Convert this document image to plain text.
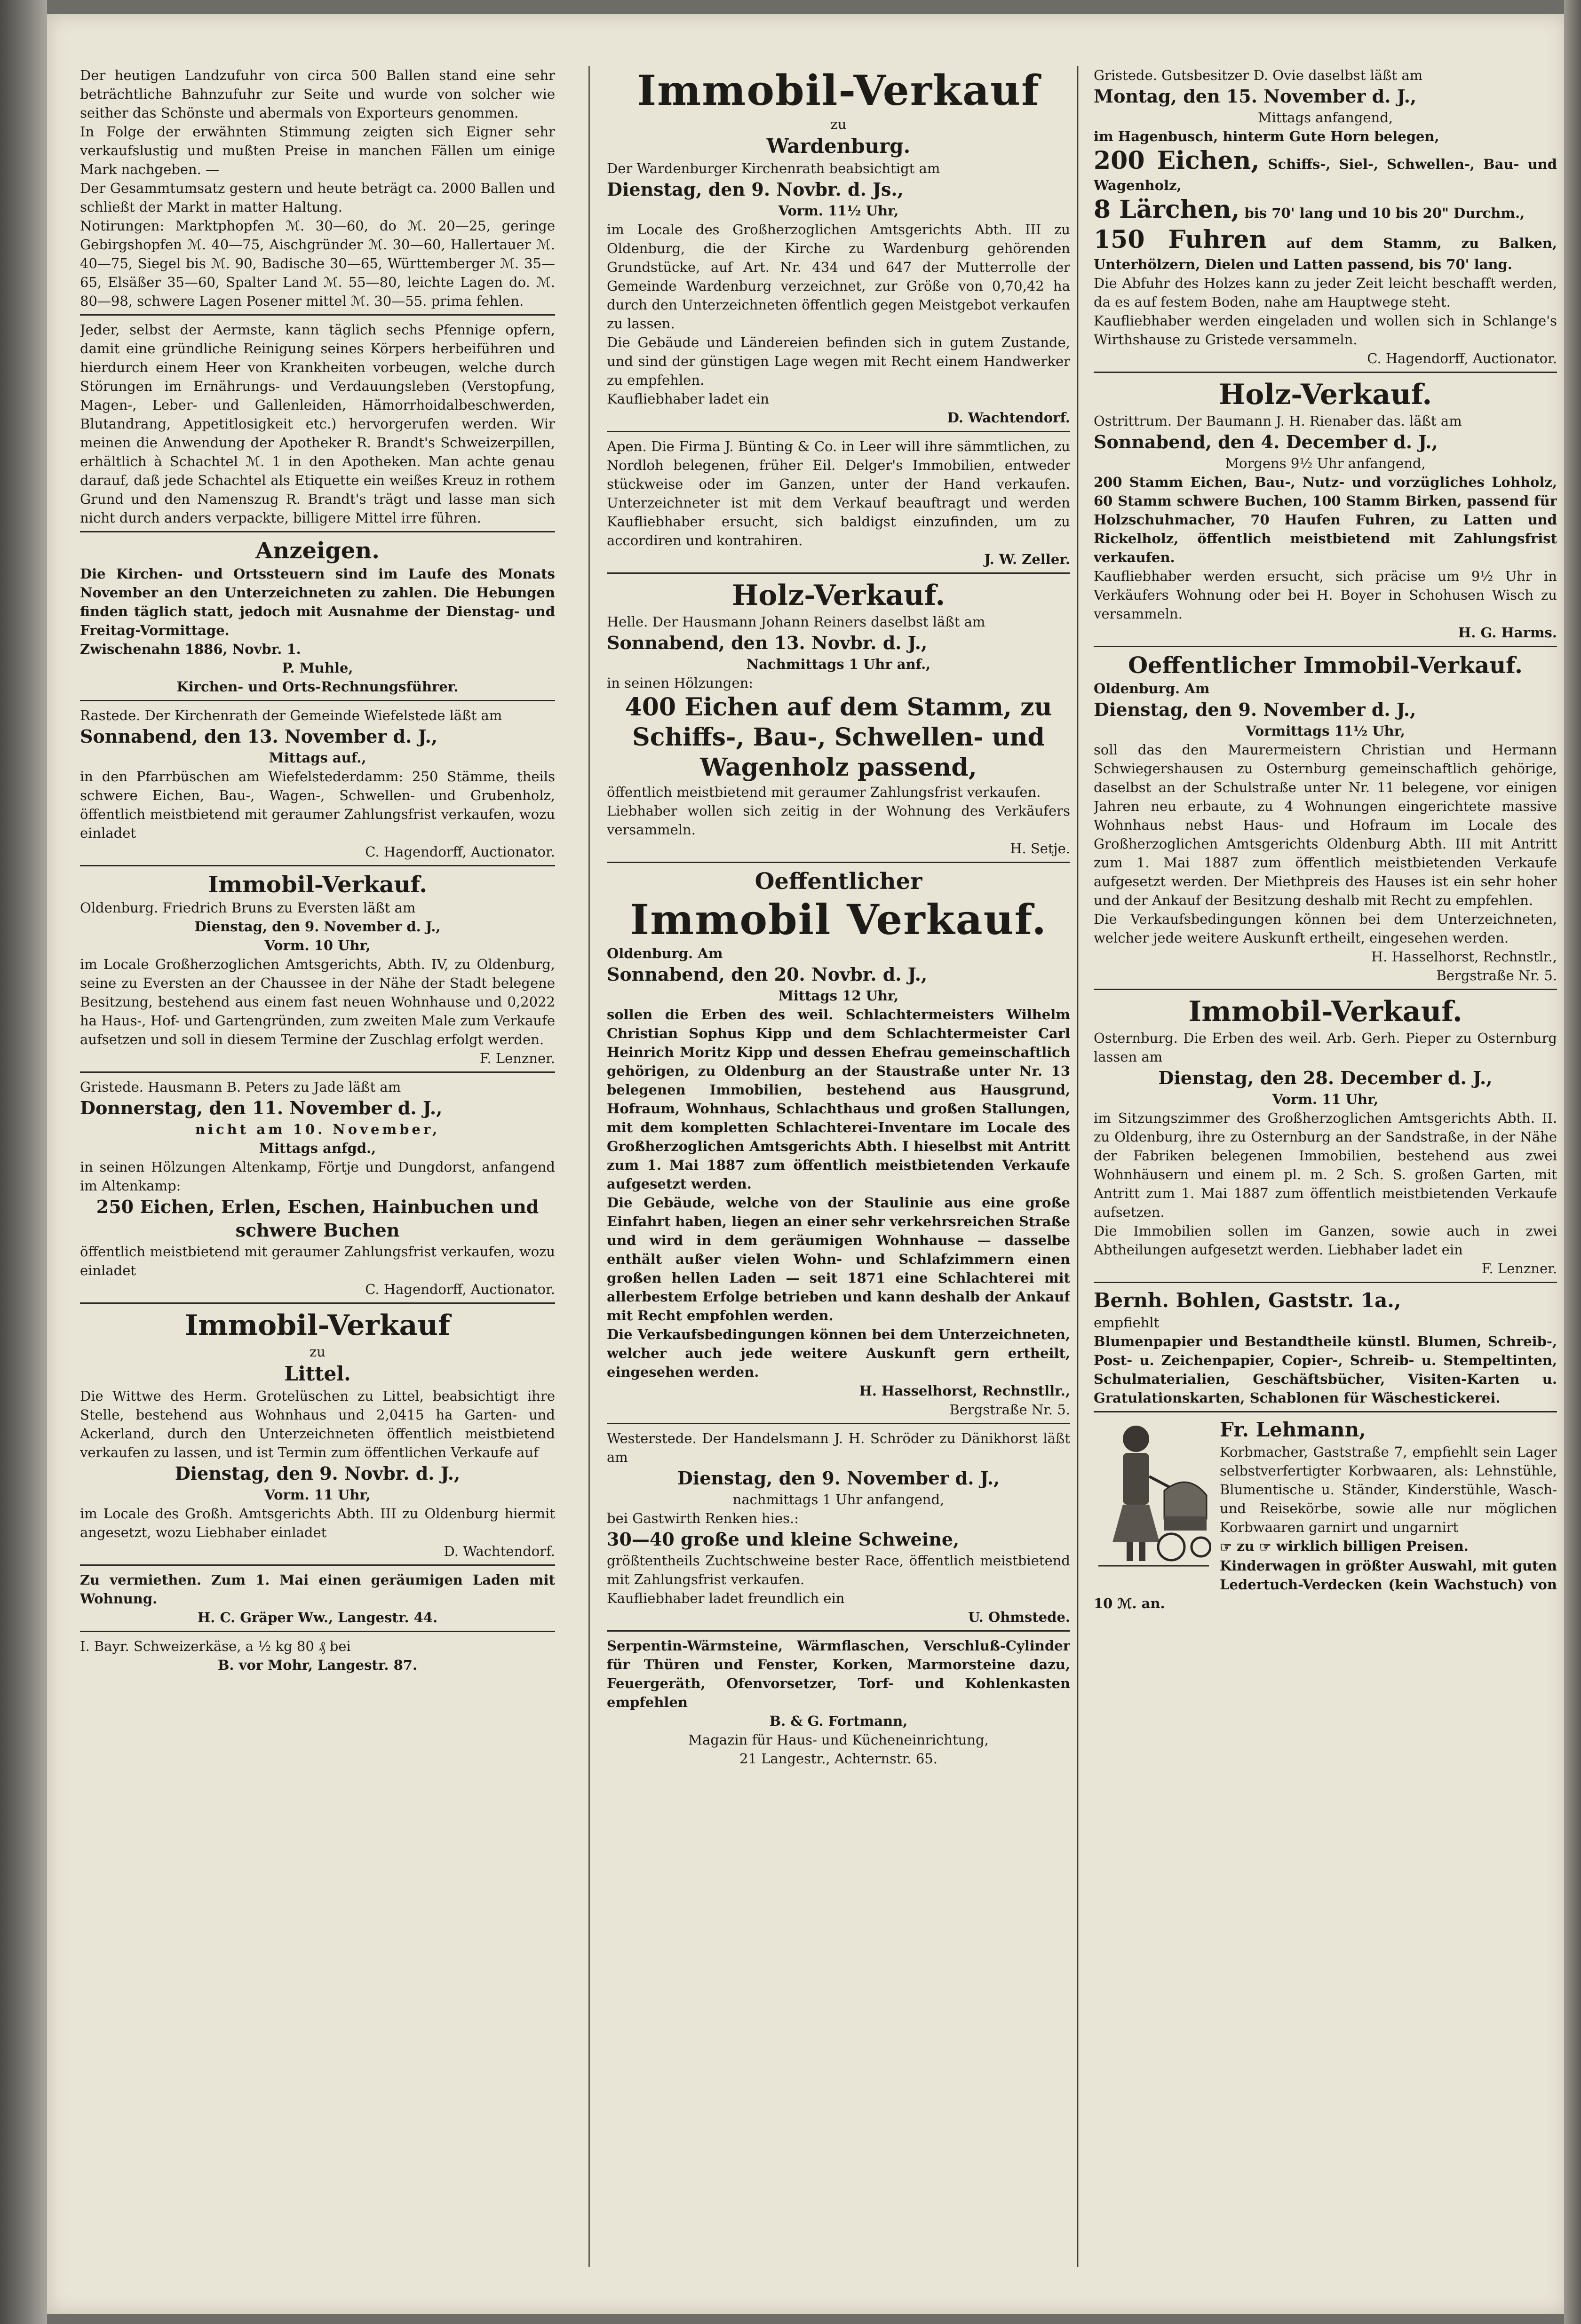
Der heutigen Landzufuhr von circa 500 Ballen stand eine sehr beträchtliche Bahnzufuhr zur Seite und wurde von solcher wie seither das Schönste und abermals von Exporteurs genommen.

In Folge der erwähnten Stimmung zeigten sich Eigner sehr verkaufslustig und mußten Preise in manchen Fällen um einige Mark nachgeben. —

Der Gesammtumsatz gestern und heute beträgt ca. 2000 Ballen und schließt der Markt in matter Haltung.

Notirungen: Marktphopfen ℳ. 30—60, do ℳ. 20—25, geringe Gebirgshopfen ℳ. 40—75, Aischgründer ℳ. 30—60, Hallertauer ℳ. 40—75, Siegel bis ℳ. 90, Badische 30—65, Württemberger ℳ. 35—65, Elsäßer 35—60, Spalter Land ℳ. 55—80, leichte Lagen do. ℳ. 80—98, schwere Lagen Posener mittel ℳ. 30—55. prima fehlen.

Jeder, selbst der Aermste, kann täglich sechs Pfennige opfern, damit eine gründliche Reinigung seines Körpers herbeiführen und hierdurch einem Heer von Krankheiten vorbeugen, welche durch Störungen im Ernährungs- und Verdauungsleben (Verstopfung, Magen-, Leber- und Gallenleiden, Hämorrhoidalbeschwerden, Blutandrang, Appetitlosigkeit etc.) hervorgerufen werden. Wir meinen die Anwendung der Apotheker R. Brandt's Schweizerpillen, erhältlich à Schachtel ℳ. 1 in den Apotheken. Man achte genau darauf, daß jede Schachtel als Etiquette ein weißes Kreuz in rothem Grund und den Namenszug R. Brandt's trägt und lasse man sich nicht durch anders verpackte, billigere Mittel irre führen.

Anzeigen.

Die Kirchen- und Ortssteuern sind im Laufe des Monats November an den Unterzeichneten zu zahlen. Die Hebungen finden täglich statt, jedoch mit Ausnahme der Dienstag- und Freitag-Vormittage.

Zwischenahn 1886, Novbr. 1.

P. Muhle,

Kirchen- und Orts-Rechnungsführer.

Rastede. Der Kirchenrath der Gemeinde Wiefelstede läßt am

Sonnabend, den 13. November d. J.,

Mittags auf.,

in den Pfarrbüschen am Wiefelstederdamm: 250 Stämme, theils schwere Eichen, Bau-, Wagen-, Schwellen- und Grubenholz, öffentlich meistbietend mit geraumer Zahlungsfrist verkaufen, wozu einladet

C. Hagendorff, Auctionator.

Immobil-Verkauf.

Oldenburg. Friedrich Bruns zu Eversten läßt am

Dienstag, den 9. November d. J.,

Vorm. 10 Uhr,

im Locale Großherzoglichen Amtsgerichts, Abth. IV, zu Oldenburg, seine zu Eversten an der Chaussee in der Nähe der Stadt belegene Besitzung, bestehend aus einem fast neuen Wohnhause und 0,2022 ha Haus-, Hof- und Gartengründen, zum zweiten Male zum Verkaufe aufsetzen und soll in diesem Termine der Zuschlag erfolgt werden.

F. Lenzner.

Gristede. Hausmann B. Peters zu Jade läßt am

Donnerstag, den 11. November d. J.,

nicht am 10. November,

Mittags anfgd.,

in seinen Hölzungen Altenkamp, Förtje und Dungdorst, anfangend im Altenkamp:

250 Eichen, Erlen, Eschen, Hainbuchen und schwere Buchen

öffentlich meistbietend mit geraumer Zahlungsfrist verkaufen, wozu einladet

C. Hagendorff, Auctionator.

Immobil-Verkauf

zu

Littel.

Die Wittwe des Herm. Grotelüschen zu Littel, beabsichtigt ihre Stelle, bestehend aus Wohnhaus und 2,0415 ha Garten- und Ackerland, durch den Unterzeichneten öffentlich meistbietend verkaufen zu lassen, und ist Termin zum öffentlichen Verkaufe auf

Dienstag, den 9. Novbr. d. J.,

Vorm. 11 Uhr,

im Locale des Großh. Amtsgerichts Abth. III zu Oldenburg hiermit angesetzt, wozu Liebhaber einladet

D. Wachtendorf.

Zu vermiethen. Zum 1. Mai einen geräumigen Laden mit Wohnung.

H. C. Gräper Ww., Langestr. 44.

I. Bayr. Schweizerkäse, a ½ kg 80 ₰ bei

B. vor Mohr, Langestr. 87.

Immobil-Verkauf

zu

Wardenburg.

Der Wardenburger Kirchenrath beabsichtigt am

Dienstag, den 9. Novbr. d. Js.,

Vorm. 11½ Uhr,

im Locale des Großherzoglichen Amtsgerichts Abth. III zu Oldenburg, die der Kirche zu Wardenburg gehörenden Grundstücke, auf Art. Nr. 434 und 647 der Mutterrolle der Gemeinde Wardenburg verzeichnet, zur Größe von 0,70,42 ha durch den Unterzeichneten öffentlich gegen Meistgebot verkaufen zu lassen.

Die Gebäude und Ländereien befinden sich in gutem Zustande, und sind der günstigen Lage wegen mit Recht einem Handwerker zu empfehlen.

Kaufliebhaber ladet ein

D. Wachtendorf.

Apen. Die Firma J. Bünting & Co. in Leer will ihre sämmtlichen, zu Nordloh belegenen, früher Eil. Delger's Immobilien, entweder stückweise oder im Ganzen, unter der Hand verkaufen. Unterzeichneter ist mit dem Verkauf beauftragt und werden Kaufliebhaber ersucht, sich baldigst einzufinden, um zu accordiren und kontrahiren.

J. W. Zeller.

Holz-Verkauf.

Helle. Der Hausmann Johann Reiners daselbst läßt am

Sonnabend, den 13. Novbr. d. J.,

Nachmittags 1 Uhr anf.,

in seinen Hölzungen:

400 Eichen auf dem Stamm, zu Schiffs-, Bau-, Schwellen- und Wagenholz passend,

öffentlich meistbietend mit geraumer Zahlungsfrist verkaufen.

Liebhaber wollen sich zeitig in der Wohnung des Verkäufers versammeln.

H. Setje.

Oeffentlicher
Immobil Verkauf.

Oldenburg. Am

Sonnabend, den 20. Novbr. d. J.,

Mittags 12 Uhr,

sollen die Erben des weil. Schlachtermeisters Wilhelm Christian Sophus Kipp und dem Schlachtermeister Carl Heinrich Moritz Kipp und dessen Ehefrau gemeinschaftlich gehörigen, zu Oldenburg an der Staustraße unter Nr. 13 belegenen Immobilien, bestehend aus Hausgrund, Hofraum, Wohnhaus, Schlachthaus und großen Stallungen, mit dem kompletten Schlachterei-Inventare im Locale des Großherzoglichen Amtsgerichts Abth. I hieselbst mit Antritt zum 1. Mai 1887 zum öffentlich meistbietenden Verkaufe aufgesetzt werden.

Die Gebäude, welche von der Staulinie aus eine große Einfahrt haben, liegen an einer sehr verkehrsreichen Straße und wird in dem geräumigen Wohnhause — dasselbe enthält außer vielen Wohn- und Schlafzimmern einen großen hellen Laden — seit 1871 eine Schlachterei mit allerbestem Erfolge betrieben und kann deshalb der Ankauf mit Recht empfohlen werden.

Die Verkaufsbedingungen können bei dem Unterzeichneten, welcher auch jede weitere Auskunft gern ertheilt, eingesehen werden.

H. Hasselhorst, Rechnstllr.,

Bergstraße Nr. 5.

Westerstede. Der Handelsmann J. H. Schröder zu Dänikhorst läßt am

Dienstag, den 9. November d. J.,

nachmittags 1 Uhr anfangend,

bei Gastwirth Renken hies.:

30—40 große und kleine Schweine,

größtentheils Zuchtschweine bester Race, öffentlich meistbietend mit Zahlungsfrist verkaufen.

Kaufliebhaber ladet freundlich ein

U. Ohmstede.

Serpentin-Wärmsteine, Wärmflaschen, Verschluß-Cylinder für Thüren und Fenster, Korken, Marmorsteine dazu, Feuergeräth, Ofenvorsetzer, Torf- und Kohlenkasten empfehlen

B. & G. Fortmann,

Magazin für Haus- und Kücheneinrichtung,

21 Langestr., Achternstr. 65.

Gristede. Gutsbesitzer D. Ovie daselbst läßt am

Montag, den 15. November d. J.,

Mittags anfangend,

im Hagenbusch, hinterm Gute Horn belegen,

200 Eichen, Schiffs-, Siel-, Schwellen-, Bau- und Wagenholz,

8 Lärchen, bis 70' lang und 10 bis 20" Durchm.,

150 Fuhren auf dem Stamm, zu Balken, Unterhölzern, Dielen und Latten passend, bis 70' lang.

Die Abfuhr des Holzes kann zu jeder Zeit leicht beschafft werden, da es auf festem Boden, nahe am Hauptwege steht.

Kaufliebhaber werden eingeladen und wollen sich in Schlange's Wirthshause zu Gristede versammeln.

C. Hagendorff, Auctionator.

Holz-Verkauf.

Ostrittrum. Der Baumann J. H. Rienaber das. läßt am

Sonnabend, den 4. December d. J.,

Morgens 9½ Uhr anfangend,

200 Stamm Eichen, Bau-, Nutz- und vorzügliches Lohholz, 60 Stamm schwere Buchen, 100 Stamm Birken, passend für Holzschuhmacher, 70 Haufen Fuhren, zu Latten und Rickelholz, öffentlich meistbietend mit Zahlungsfrist verkaufen.

Kaufliebhaber werden ersucht, sich präcise um 9½ Uhr in Verkäufers Wohnung oder bei H. Boyer in Schohusen Wisch zu versammeln.

H. G. Harms.

Oeffentlicher Immobil-Verkauf.

Oldenburg. Am

Dienstag, den 9. November d. J.,

Vormittags 11½ Uhr,

soll das den Maurermeistern Christian und Hermann Schwiegershausen zu Osternburg gemeinschaftlich gehörige, daselbst an der Schulstraße unter Nr. 11 belegene, vor einigen Jahren neu erbaute, zu 4 Wohnungen eingerichtete massive Wohnhaus nebst Haus- und Hofraum im Locale des Großherzoglichen Amtsgerichts Oldenburg Abth. III mit Antritt zum 1. Mai 1887 zum öffentlich meistbietenden Verkaufe aufgesetzt werden. Der Miethpreis des Hauses ist ein sehr hoher und der Ankauf der Besitzung deshalb mit Recht zu empfehlen.

Die Verkaufsbedingungen können bei dem Unterzeichneten, welcher jede weitere Auskunft ertheilt, eingesehen werden.

H. Hasselhorst, Rechnstlr.,

Bergstraße Nr. 5.

Immobil-Verkauf.

Osternburg. Die Erben des weil. Arb. Gerh. Pieper zu Osternburg lassen am

Dienstag, den 28. December d. J.,

Vorm. 11 Uhr,

im Sitzungszimmer des Großherzoglichen Amtsgerichts Abth. II. zu Oldenburg, ihre zu Osternburg an der Sandstraße, in der Nähe der Fabriken belegenen Immobilien, bestehend aus zwei Wohnhäusern und einem pl. m. 2 Sch. S. großen Garten, mit Antritt zum 1. Mai 1887 zum öffentlich meistbietenden Verkaufe aufsetzen.

Die Immobilien sollen im Ganzen, sowie auch in zwei Abtheilungen aufgesetzt werden. Liebhaber ladet ein

F. Lenzner.

Bernh. Bohlen, Gaststr. 1a.,

empfiehlt

Blumenpapier und Bestandtheile künstl. Blumen, Schreib-, Post- u. Zeichenpapier, Copier-, Schreib- u. Stempeltinten, Schulmaterialien, Geschäftsbücher, Visiten-Karten u. Gratulationskarten, Schablonen für Wäschestickerei.

Fr. Lehmann,

Korbmacher, Gaststraße 7, empfiehlt sein Lager selbstverfertigter Korbwaaren, als: Lehnstühle, Blumentische u. Ständer, Kinderstühle, Wasch- und Reisekörbe, sowie alle nur möglichen Korbwaaren garnirt und ungarnirt

☞ zu ☞ wirklich billigen Preisen.

Kinderwagen in größter Auswahl, mit guten Ledertuch-Verdecken (kein Wachstuch) von 10 ℳ. an.
